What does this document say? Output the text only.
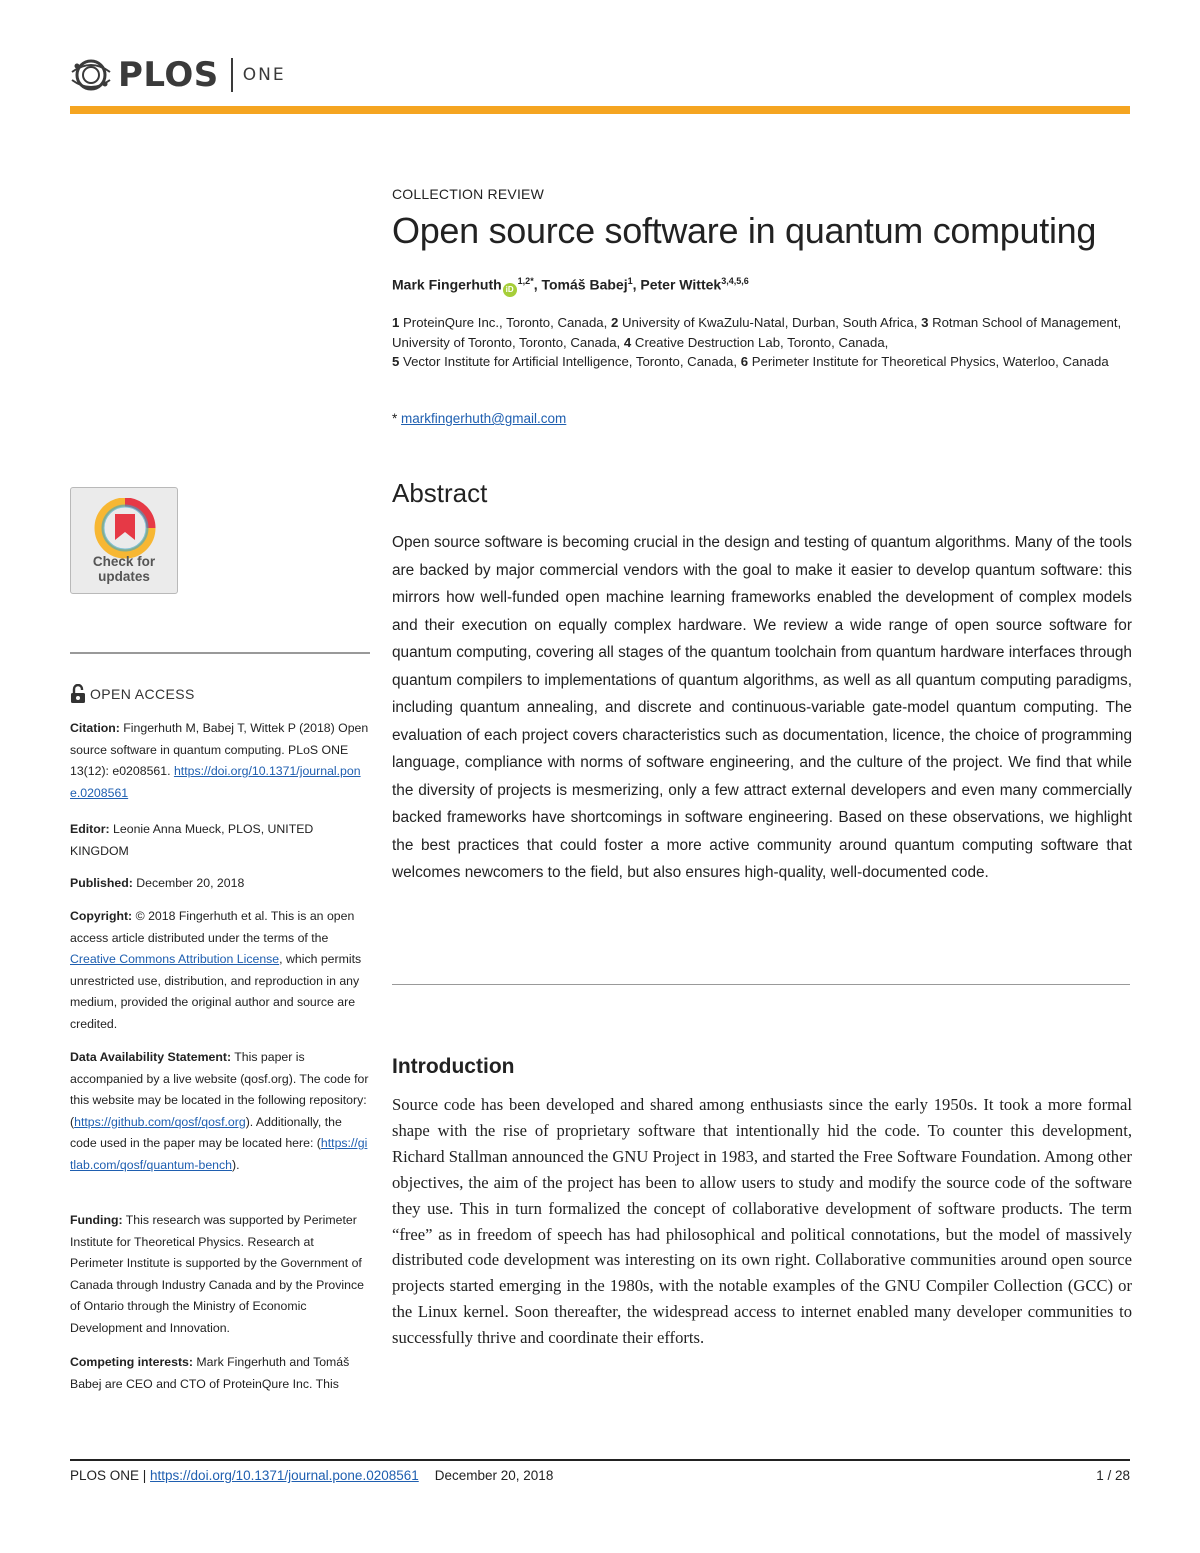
PLOS ONE
COLLECTION REVIEW
Open source software in quantum computing
Mark Fingerhuth $iD^{1,2*}$, Tomáš Babej$^1$, Peter Wittek$^{3,4,5,6}$
1 ProteinQure Inc., Toronto, Canada, 2 University of KwaZulu-Natal, Durban, South Africa, 3 Rotman School of Management, University of Toronto, Toronto, Canada, 4 Creative Destruction Lab, Toronto, Canada,
5 Vector Institute for Artificial Intelligence, Toronto, Canada, 6 Perimeter Institute for Theoretical Physics, Waterloo, Canada
* markfingerhuth@gmail.com
Abstract

Open source software is becoming crucial in the design and testing of quantum algorithms. Many of the tools are backed by major commercial vendors with the goal to make it easier to develop quantum software: this mirrors how well-funded open machine learning frameworks enabled the development of complex models and their execution on equally complex hardware. We review a wide range of open source software for quantum computing, covering all stages of the quantum toolchain from quantum hardware interfaces through quantum compilers to implementations of quantum algorithms, as well as all quantum computing paradigms, including quantum annealing, and discrete and continuous-variable gate-model quantum computing. The evaluation of each project covers characteristics such as documentation, licence, the choice of programming language, compliance with norms of software engineering, and the culture of the project. We find that while the diversity of projects is mesmerizing, only a few attract external developers and even many commercially backed frameworks have shortcomings in software engineering. Based on these observations, we highlight the best practices that could foster a more active community around quantum computing software that welcomes newcomers to the field, but also ensures high-quality, well-documented code.

Introduction

Source code has been developed and shared among enthusiasts since the early 1950s. It took a more formal shape with the rise of proprietary software that intentionally hid the code. To counter this development, Richard Stallman announced the GNU Project in 1983, and started the Free Software Foundation. Among other objectives, the aim of the project has been to allow users to study and modify the source code of the software they use. This in turn formalized the concept of collaborative development of software products. The term “free” as in freedom of speech has had philosophical and political connotations, but the model of massively distributed code development was interesting on its own right. Collaborative communities around open source projects started emerging in the 1980s, with the notable examples of the GNU Compiler Collection (GCC) or the Linux kernel. Soon thereafter, the widespread access to internet enabled many developer communities to successfully thrive and coordinate their efforts.

Check for
updates
OPEN ACCESS
Citation: Fingerhuth M, Babej T, Wittek P (2018) Open source software in quantum computing. PLoS ONE 13(12): e0208561. https://doi.org/10.1371/journal.pone.0208561
Editor: Leonie Anna Mueck, PLOS, UNITED KINGDOM
Published: December 20, 2018
Copyright: © 2018 Fingerhuth et al. This is an open access article distributed under the terms of the Creative Commons Attribution License, which permits unrestricted use, distribution, and reproduction in any medium, provided the original author and source are credited.
Data Availability Statement: This paper is accompanied by a live website (qosf.org). The code for this website may be located in the following repository: (https://github.com/qosf/qosf.org). Additionally, the code used in the paper may be located here: (https://gitlab.com/qosf/quantum-bench).
Funding: This research was supported by Perimeter Institute for Theoretical Physics. Research at Perimeter Institute is supported by the Government of Canada through Industry Canada and by the Province of Ontario through the Ministry of Economic Development and Innovation.
Competing interests: Mark Fingerhuth and Tomáš Babej are CEO and CTO of ProteinQure Inc. This
PLOS ONE | https://doi.org/10.1371/journal.pone.0208561 December 20, 2018	1 / 28
